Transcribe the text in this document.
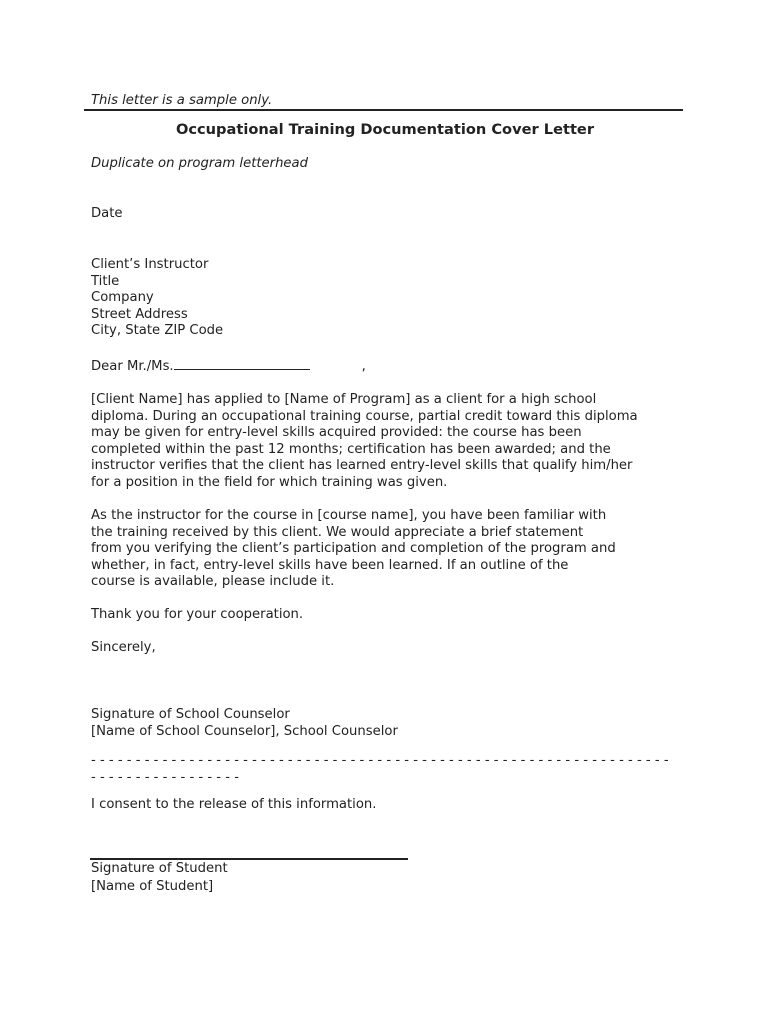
This letter is a sample only.

Occupational Training Documentation Cover Letter

Duplicate on program letterhead

Date

Client’s Instructor

Title

Company

Street Address

City, State ZIP Code

Dear Mr./Ms.	,

[Client Name] has applied to [Name of Program] as a client for a high school
diploma. During an occupational training course, partial credit toward this diploma
may be given for entry-level skills acquired provided: the course has been
completed within the past 12 months; certification has been awarded; and the
instructor verifies that the client has learned entry-level skills that qualify him/her
for a position in the field for which training was given.

As the instructor for the course in [course name], you have been familiar with
the training received by this client. We would appreciate a brief statement
from you verifying the client’s participation and completion of the program and
whether, in fact, entry-level skills have been learned. If an outline of the
course is available, please include it.

Thank you for your cooperation.

Sincerely,

Signature of School Counselor

[Name of School Counselor], School Counselor

- - - - - - - - - - - - - - - - - - - - - - - - - - - - - - - - - - - - - - - - - - - - - - - - - - - - - - - - - - - - - - - - -

- - - - - - - - - - - - - - - - -

I consent to the release of this information.

Signature of Student

[Name of Student]
